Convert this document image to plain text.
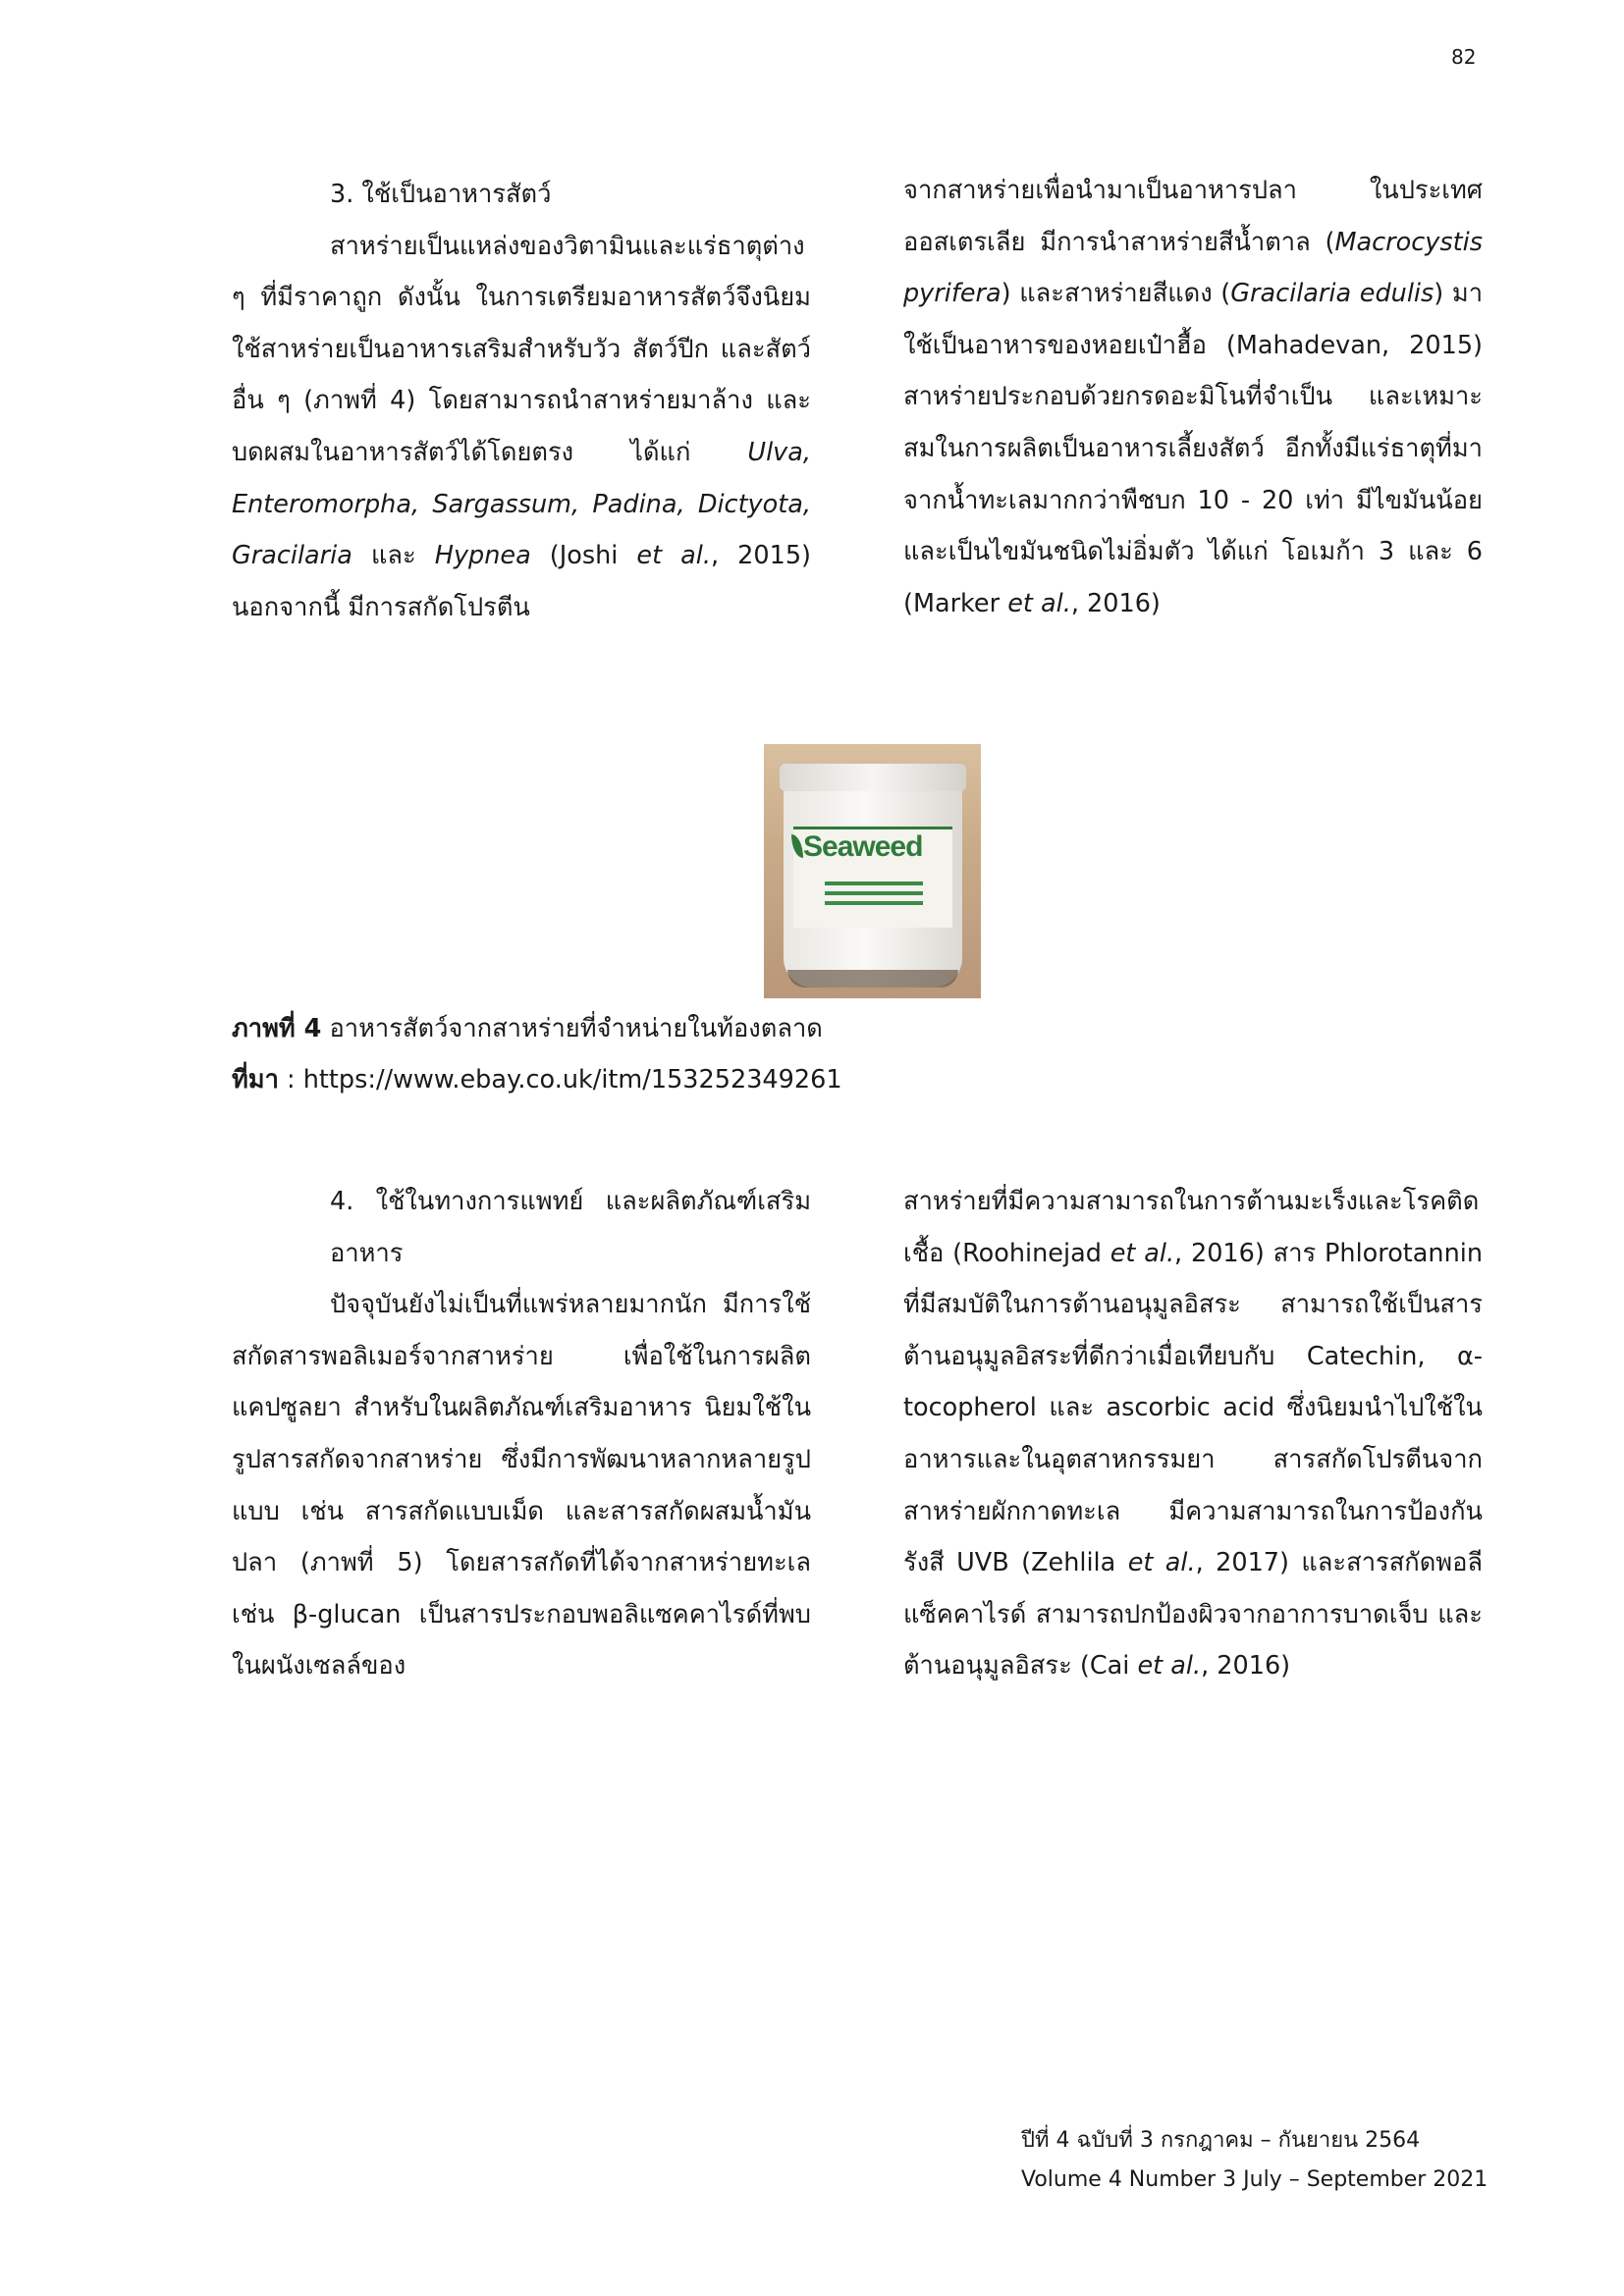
82

3. ใช้เป็นอาหารสัตว์

สาหร่ายเป็นแหล่งของวิตามินและแร่ธาตุต่าง ๆ ที่มีราคาถูก ดังนั้น ในการเตรียมอาหารสัตว์จึงนิยมใช้สาหร่ายเป็นอาหารเสริมสำหรับวัว สัตว์ปีก และสัตว์อื่น ๆ (ภาพที่ 4) โดยสามารถนำสาหร่ายมาล้าง และบดผสมในอาหารสัตว์ได้โดยตรง ได้แก่ Ulva, Enteromorpha, Sargassum, Padina, Dictyota, Gracilaria และ Hypnea (Joshi et al., 2015) นอกจากนี้ มีการสกัดโปรตีน

จากสาหร่ายเพื่อนำมาเป็นอาหารปลา ในประเทศออสเตรเลีย มีการนำสาหร่ายสีน้ำตาล (Macrocystis pyrifera) และสาหร่ายสีแดง (Gracilaria edulis) มาใช้เป็นอาหารของหอยเป๋าฮื้อ (Mahadevan, 2015) สาหร่ายประกอบด้วยกรดอะมิโนที่จำเป็น และเหมาะสมในการผลิตเป็นอาหารเลี้ยงสัตว์ อีกทั้งมีแร่ธาตุที่มาจากน้ำทะเลมากกว่าพืชบก 10 - 20 เท่า มีไขมันน้อย และเป็นไขมันชนิดไม่อิ่มตัว ได้แก่ โอเมก้า 3 และ 6 (Marker et al., 2016)

Seaweed
ภาพที่ 4 อาหารสัตว์จากสาหร่ายที่จำหน่ายในท้องตลาด
ที่มา : https://www.ebay.co.uk/itm/153252349261

4. ใช้ในทางการแพทย์ และผลิตภัณฑ์เสริมอาหาร

ปัจจุบันยังไม่เป็นที่แพร่หลายมากนัก มีการใช้สกัดสารพอลิเมอร์จากสาหร่าย เพื่อใช้ในการผลิตแคปซูลยา สำหรับในผลิตภัณฑ์เสริมอาหาร นิยมใช้ในรูปสารสกัดจากสาหร่าย ซึ่งมีการพัฒนาหลากหลายรูปแบบ เช่น สารสกัดแบบเม็ด และสารสกัดผสมน้ำมันปลา (ภาพที่ 5) โดยสารสกัดที่ได้จากสาหร่ายทะเล เช่น β-glucan เป็นสารประกอบพอลิแซคคาไรด์ที่พบในผนังเซลล์ของ

สาหร่ายที่มีความสามารถในการต้านมะเร็งและโรคติดเชื้อ (Roohinejad et al., 2016) สาร Phlorotannin ที่มีสมบัติในการต้านอนุมูลอิสระ สามารถใช้เป็นสารต้านอนุมูลอิสระที่ดีกว่าเมื่อเทียบกับ Catechin, α-tocopherol และ ascorbic acid ซึ่งนิยมนำไปใช้ในอาหารและในอุตสาหกรรมยา สารสกัดโปรตีนจากสาหร่ายผักกาดทะเล มีความสามารถในการป้องกันรังสี UVB (Zehlila et al., 2017) และสารสกัดพอลีแซ็คคาไรด์ สามารถปกป้องผิวจากอาการบาดเจ็บ และต้านอนุมูลอิสระ (Cai et al., 2016)

ปีที่ 4 ฉบับที่ 3 กรกฎาคม – กันยายน 2564
Volume 4 Number 3 July – September 2021
